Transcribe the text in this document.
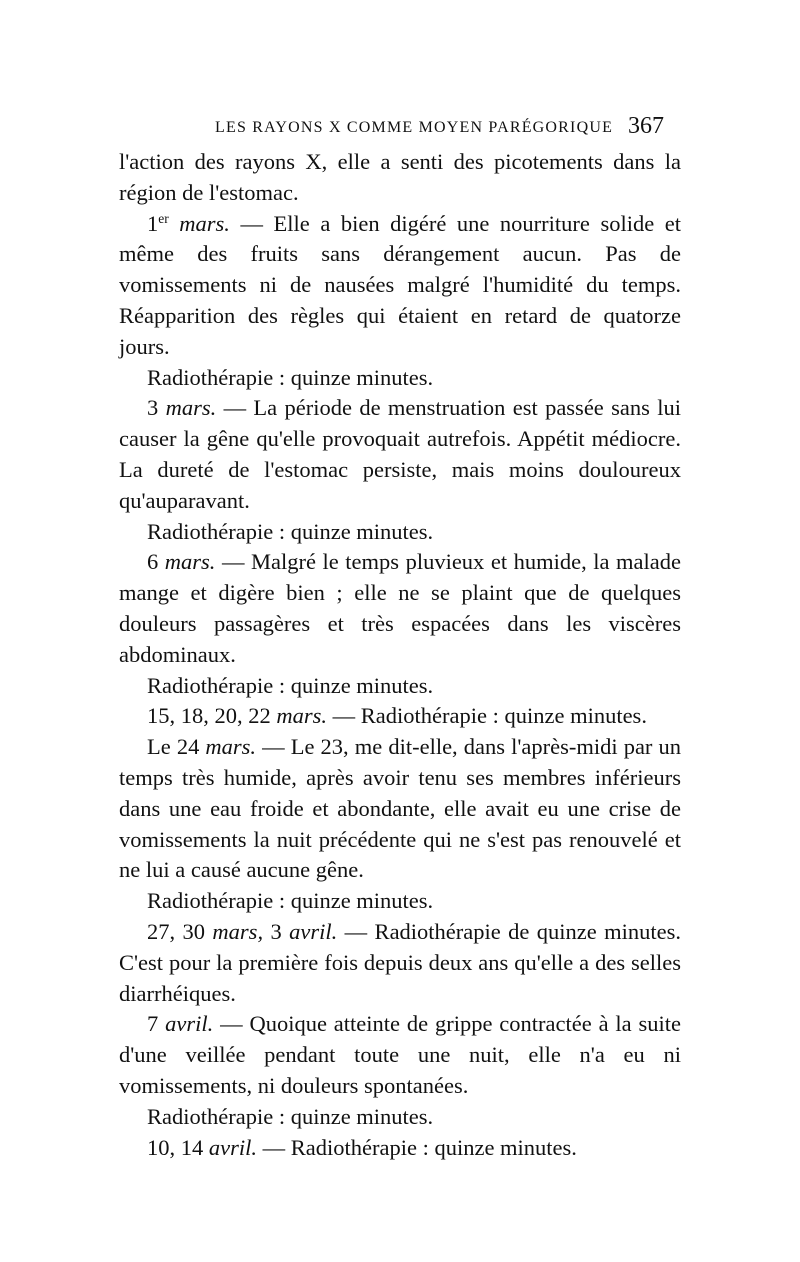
LES RAYONS X COMME MOYEN PARÉGORIQUE 367

l'action des rayons X, elle a senti des picotements dans la région de l'estomac.

1er mars. — Elle a bien digéré une nourriture solide et même des fruits sans dérangement aucun. Pas de vomissements ni de nausées malgré l'humidité du temps. Réapparition des règles qui étaient en retard de quatorze jours.

Radiothérapie : quinze minutes.

3 mars. — La période de menstruation est passée sans lui causer la gêne qu'elle provoquait autrefois. Appétit médiocre. La dureté de l'estomac persiste, mais moins douloureux qu'auparavant.

Radiothérapie : quinze minutes.

6 mars. — Malgré le temps pluvieux et humide, la malade mange et digère bien ; elle ne se plaint que de quelques douleurs passagères et très espacées dans les viscères abdominaux.

Radiothérapie : quinze minutes.

15, 18, 20, 22 mars. — Radiothérapie : quinze minutes.

Le 24 mars. — Le 23, me dit-elle, dans l'après-midi par un temps très humide, après avoir tenu ses membres inférieurs dans une eau froide et abondante, elle avait eu une crise de vomissements la nuit précédente qui ne s'est pas renouvelé et ne lui a causé aucune gêne.

Radiothérapie : quinze minutes.

27, 30 mars, 3 avril. — Radiothérapie de quinze minutes. C'est pour la première fois depuis deux ans qu'elle a des selles diarrhéiques.

7 avril. — Quoique atteinte de grippe contractée à la suite d'une veillée pendant toute une nuit, elle n'a eu ni vomissements, ni douleurs spontanées.

Radiothérapie : quinze minutes.

10, 14 avril. — Radiothérapie : quinze minutes.
